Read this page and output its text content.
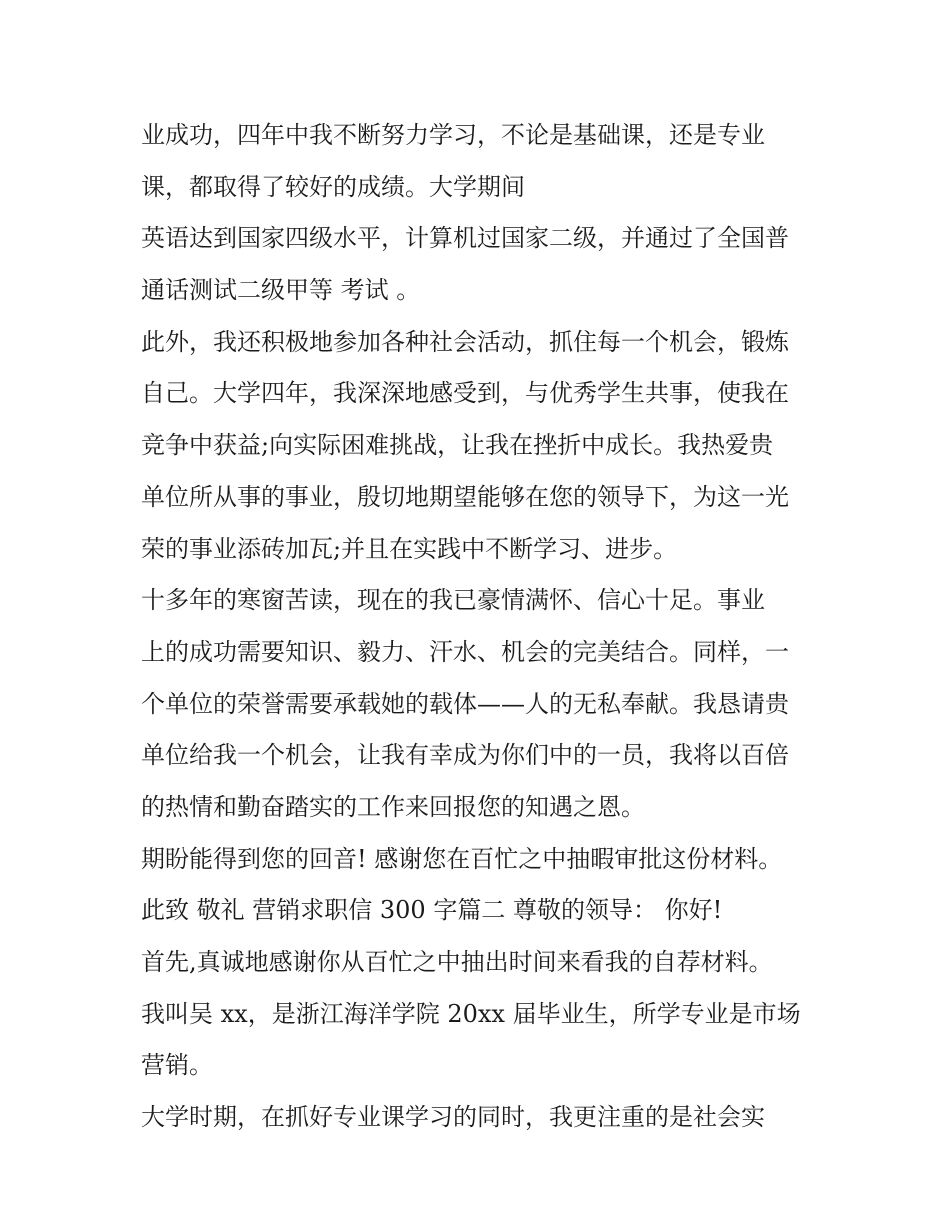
业成功，四年中我不断努力学习，不论是基础课，还是专业
课，都取得了较好的成绩。大学期间
英语达到国家四级水平，计算机过国家二级，并通过了全国普
通话测试二级甲等 考试 。
此外，我还积极地参加各种社会活动，抓住每一个机会，锻炼
自己。大学四年，我深深地感受到，与优秀学生共事，使我在
竞争中获益;向实际困难挑战，让我在挫折中成长。我热爱贵
单位所从事的事业，殷切地期望能够在您的领导下，为这一光
荣的事业添砖加瓦;并且在实践中不断学习、进步。
十多年的寒窗苦读，现在的我已豪情满怀、信心十足。事业
上的成功需要知识、毅力、汗水、机会的完美结合。同样，一
个单位的荣誉需要承载她的载体——人的无私奉献。我恳请贵
单位给我一个机会，让我有幸成为你们中的一员，我将以百倍
的热情和勤奋踏实的工作来回报您的知遇之恩。
期盼能得到您的回音! 感谢您在百忙之中抽暇审批这份材料。
此致 敬礼 营销求职信 300 字篇二 尊敬的领导： 你好!
首先,真诚地感谢你从百忙之中抽出时间来看我的自荐材料。
我叫吴 xx，是浙江海洋学院 20xx 届毕业生，所学专业是市场
营销。
大学时期，在抓好专业课学习的同时，我更注重的是社会实
